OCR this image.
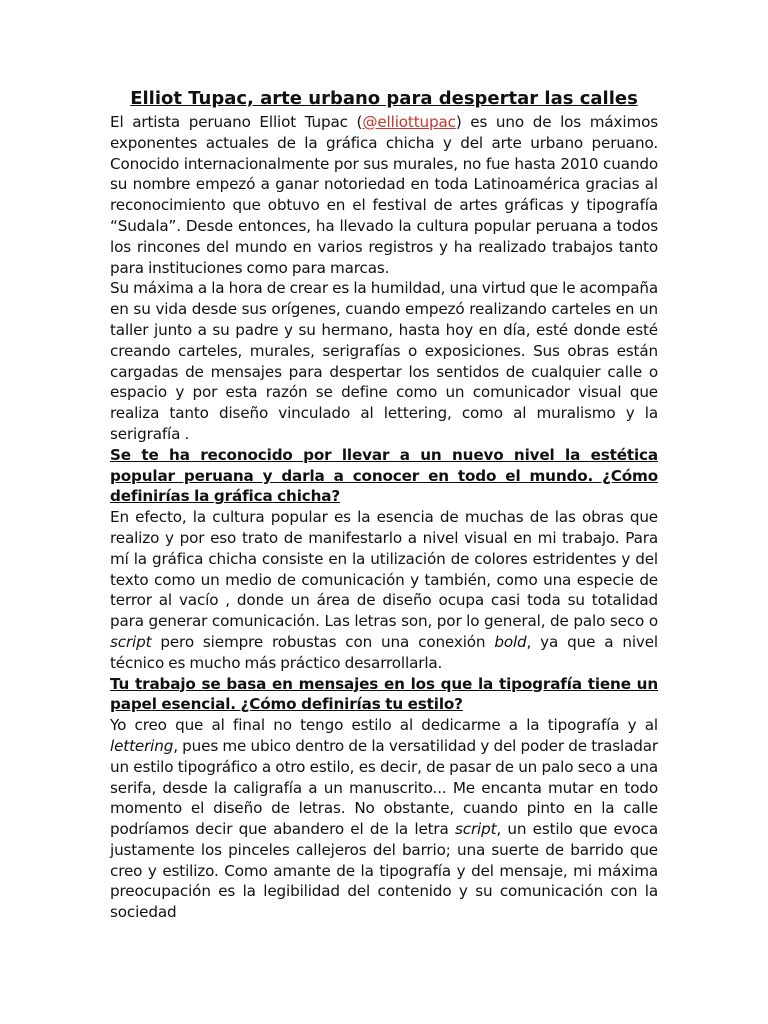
Elliot Tupac, arte urbano para despertar las calles

El artista peruano Elliot Tupac (@elliottupac) es uno de los máximos exponentes actuales de la gráfica chicha y del arte urbano peruano. Conocido internacionalmente por sus murales, no fue hasta 2010 cuando su nombre empezó a ganar notoriedad en toda Latinoamérica gracias al reconocimiento que obtuvo en el festival de artes gráficas y tipografía “Sudala”. Desde entonces, ha llevado la cultura popular peruana a todos los rincones del mundo en varios registros y ha realizado trabajos tanto para instituciones como para marcas.

Su máxima a la hora de crear es la humildad, una virtud que le acompaña en su vida desde sus orígenes, cuando empezó realizando carteles en un taller junto a su padre y su hermano, hasta hoy en día, esté donde esté creando carteles, murales, serigrafías o exposiciones. Sus obras están cargadas de mensajes para despertar los sentidos de cualquier calle o espacio y por esta razón se define como un comunicador visual que realiza tanto diseño vinculado al lettering, como al muralismo y la serigrafía .

Se te ha reconocido por llevar a un nuevo nivel la estética popular peruana y darla a conocer en todo el mundo. ¿Cómo definirías la gráfica chicha?

En efecto, la cultura popular es la esencia de muchas de las obras que realizo y por eso trato de manifestarlo a nivel visual en mi trabajo. Para mí la gráfica chicha consiste en la utilización de colores estridentes y del texto como un medio de comunicación y también, como una especie de terror al vacío , donde un área de diseño ocupa casi toda su totalidad para generar comunicación. Las letras son, por lo general, de palo seco o script pero siempre robustas con una conexión bold, ya que a nivel técnico es mucho más práctico desarrollarla.

Tu trabajo se basa en mensajes en los que la tipografía tiene un papel esencial. ¿Cómo definirías tu estilo?

Yo creo que al final no tengo estilo al dedicarme a la tipografía y al lettering, pues me ubico dentro de la versatilidad y del poder de trasladar un estilo tipográfico a otro estilo, es decir, de pasar de un palo seco a una serifa, desde la caligrafía a un manuscrito... Me encanta mutar en todo momento el diseño de letras. No obstante, cuando pinto en la calle podríamos decir que abandero el de la letra script, un estilo que evoca justamente los pinceles callejeros del barrio; una suerte de barrido que creo y estilizo. Como amante de la tipografía y del mensaje, mi máxima preocupación es la legibilidad del contenido y su comunicación con la sociedad
